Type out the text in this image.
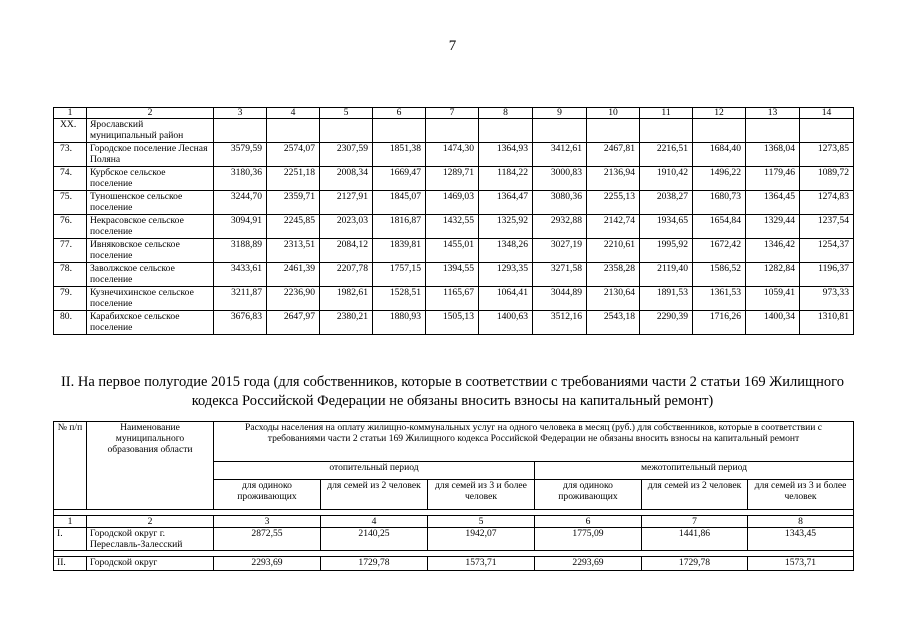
7
1	2	3	4	5	6	7	8	9	10	11	12	13	14
XX.	Ярославский муниципальный район												
73.	Городское поселение Лесная Поляна	3579,59	2574,07	2307,59	1851,38	1474,30	1364,93	3412,61	2467,81	2216,51	1684,40	1368,04	1273,85
74.	Курбское сельское поселение	3180,36	2251,18	2008,34	1669,47	1289,71	1184,22	3000,83	2136,94	1910,42	1496,22	1179,46	1089,72
75.	Туношенское сельское поселение	3244,70	2359,71	2127,91	1845,07	1469,03	1364,47	3080,36	2255,13	2038,27	1680,73	1364,45	1274,83
76.	Некрасовское сельское поселение	3094,91	2245,85	2023,03	1816,87	1432,55	1325,92	2932,88	2142,74	1934,65	1654,84	1329,44	1237,54
77.	Ивняковское сельское поселение	3188,89	2313,51	2084,12	1839,81	1455,01	1348,26	3027,19	2210,61	1995,92	1672,42	1346,42	1254,37
78.	Заволжское сельское поселение	3433,61	2461,39	2207,78	1757,15	1394,55	1293,35	3271,58	2358,28	2119,40	1586,52	1282,84	1196,37
79.	Кузнечихинское сельское поселение	3211,87	2236,90	1982,61	1528,51	1165,67	1064,41	3044,89	2130,64	1891,53	1361,53	1059,41	973,33
80.	Карабихское сельское поселение	3676,83	2647,97	2380,21	1880,93	1505,13	1400,63	3512,16	2543,18	2290,39	1716,26	1400,34	1310,81
II. На первое полугодие 2015 года (для собственников, которые в соответствии с требованиями части 2 статьи 169 Жилищного кодекса Российской Федерации не обязаны вносить взносы на капитальный ремонт)
№ п/п	Наименование муниципального образования области	Расходы населения на оплату жилищно-коммунальных услуг на одного человека в месяц (руб.) для собственников, которые в соответствии с требованиями части 2 статьи 169 Жилищного кодекса Российской Федерации не обязаны вносить взносы на капитальный ремонт					
		отопительный период			межотопительный период		
		для одиноко проживающих	для семей из 2 человек	для семей из 3 и более человек	для одиноко проживающих	для семей из 2 человек	для семей из 3 и более человек

1	2	3	4	5	6	7	8
I.	Городской округ г. Переславль-Залесский	2872,55	2140,25	1942,07	1775,09	1441,86	1343,45

II.	Городской округ	2293,69	1729,78	1573,71	2293,69	1729,78	1573,71
